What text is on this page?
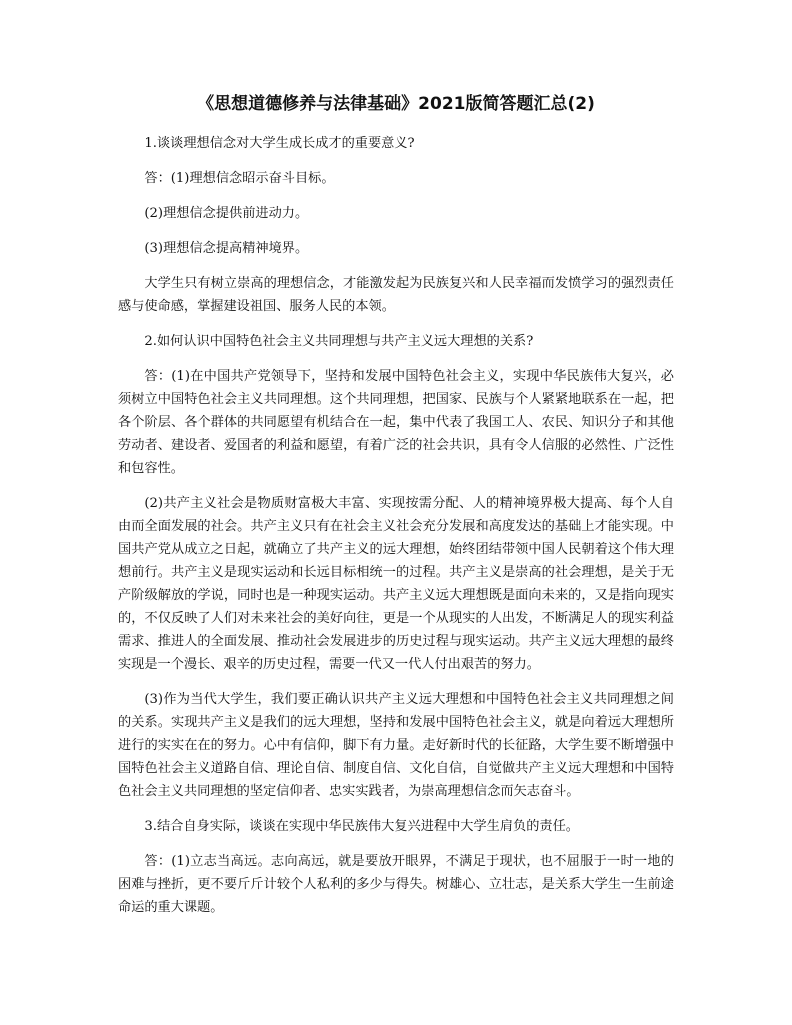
《思想道德修养与法律基础》2021版简答题汇总(2)
1.谈谈理想信念对大学生成长成才的重要意义?
答：(1)理想信念昭示奋斗目标。
(2)理想信念提供前进动力。
(3)理想信念提高精神境界。
大学生只有树立崇高的理想信念，才能激发起为民族复兴和人民幸福而发愤学习的强烈责任感与使命感，掌握建设祖国、服务人民的本领。
2.如何认识中国特色社会主义共同理想与共产主义远大理想的关系?
答：(1)在中国共产党领导下，坚持和发展中国特色社会主义，实现中华民族伟大复兴，必须树立中国特色社会主义共同理想。这个共同理想，把国家、民族与个人紧紧地联系在一起，把各个阶层、各个群体的共同愿望有机结合在一起，集中代表了我国工人、农民、知识分子和其他劳动者、建设者、爱国者的利益和愿望，有着广泛的社会共识，具有令人信服的必然性、广泛性和包容性。
(2)共产主义社会是物质财富极大丰富、实现按需分配、人的精神境界极大提高、每个人自由而全面发展的社会。共产主义只有在社会主义社会充分发展和高度发达的基础上才能实现。中国共产党从成立之日起，就确立了共产主义的远大理想，始终团结带领中国人民朝着这个伟大理想前行。共产主义是现实运动和长远目标相统一的过程。共产主义是崇高的社会理想，是关于无产阶级解放的学说，同时也是一种现实运动。共产主义远大理想既是面向未来的，又是指向现实的，不仅反映了人们对未来社会的美好向往，更是一个从现实的人出发，不断满足人的现实利益需求、推进人的全面发展、推动社会发展进步的历史过程与现实运动。共产主义远大理想的最终实现是一个漫长、艰辛的历史过程，需要一代又一代人付出艰苦的努力。
(3)作为当代大学生，我们要正确认识共产主义远大理想和中国特色社会主义共同理想之间的关系。实现共产主义是我们的远大理想，坚持和发展中国特色社会主义，就是向着远大理想所进行的实实在在的努力。心中有信仰，脚下有力量。走好新时代的长征路，大学生要不断增强中国特色社会主义道路自信、理论自信、制度自信、文化自信，自觉做共产主义远大理想和中国特色社会主义共同理想的坚定信仰者、忠实实践者，为崇高理想信念而矢志奋斗。
3.结合自身实际，谈谈在实现中华民族伟大复兴进程中大学生肩负的责任。
答：(1)立志当高远。志向高远，就是要放开眼界，不满足于现状，也不屈服于一时一地的困难与挫折，更不要斤斤计较个人私利的多少与得失。树雄心、立壮志，是关系大学生一生前途命运的重大课题。
